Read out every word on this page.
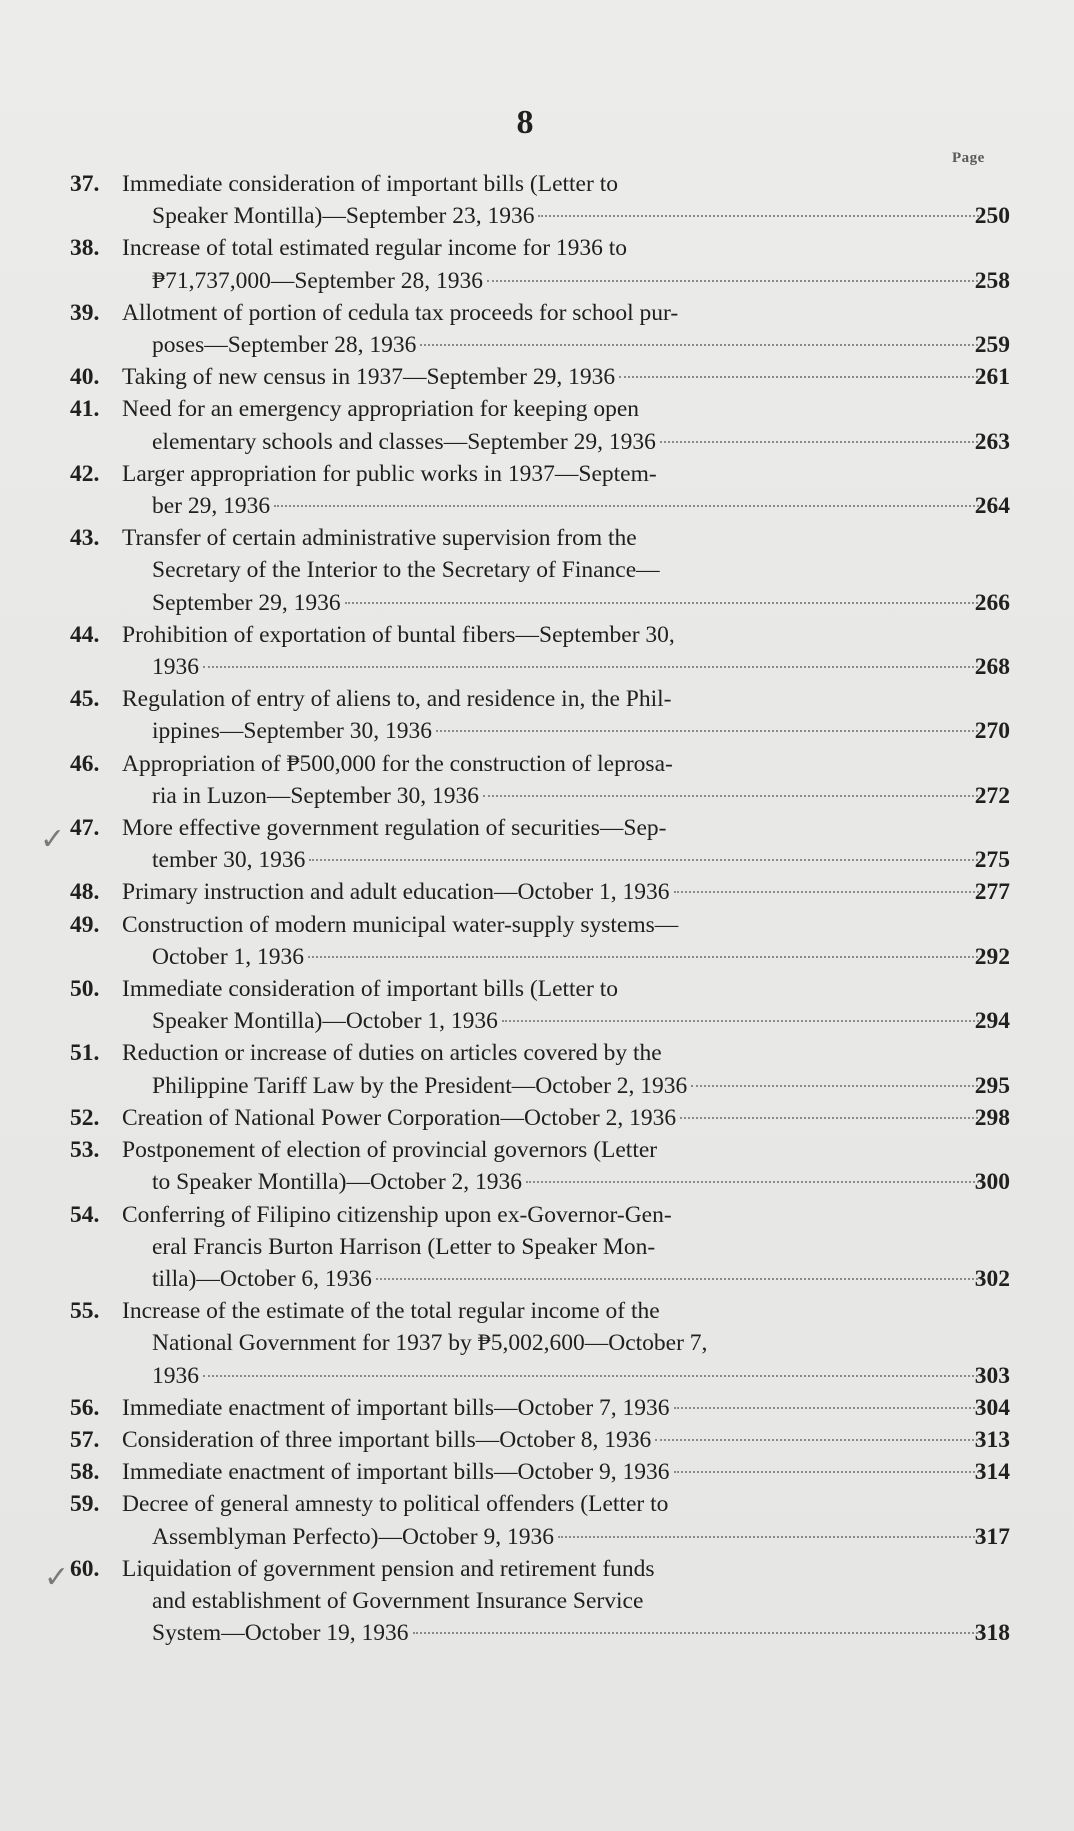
8
Page
37. Immediate consideration of important bills (Letter to
Speaker Montilla)—September 23, 1936	250
38. Increase of total estimated regular income for 1936 to
₱71,737,000—September 28, 1936	258
39. Allotment of portion of cedula tax proceeds for school pur-
poses—September 28, 1936	259
40. Taking of new census in 1937—September 29, 1936	261
41. Need for an emergency appropriation for keeping open
elementary schools and classes—September 29, 1936	263
42. Larger appropriation for public works in 1937—Septem-
ber 29, 1936	264
43. Transfer of certain administrative supervision from the
Secretary of the Interior to the Secretary of Finance—
September 29, 1936	266
44. Prohibition of exportation of buntal fibers—September 30,
1936	268
45. Regulation of entry of aliens to, and residence in, the Phil-
ippines—September 30, 1936	270
46. Appropriation of ₱500,000 for the construction of leprosa-
ria in Luzon—September 30, 1936	272
47. More effective government regulation of securities—Sep-
tember 30, 1936	275
48. Primary instruction and adult education—October 1, 1936	277
49. Construction of modern municipal water-supply systems—
October 1, 1936	292
50. Immediate consideration of important bills (Letter to
Speaker Montilla)—October 1, 1936	294
51. Reduction or increase of duties on articles covered by the
Philippine Tariff Law by the President—October 2, 1936	295
52. Creation of National Power Corporation—October 2, 1936	298
53. Postponement of election of provincial governors (Letter
to Speaker Montilla)—October 2, 1936	300
54. Conferring of Filipino citizenship upon ex-Governor-Gen-
eral Francis Burton Harrison (Letter to Speaker Mon-
tilla)—October 6, 1936	302
55. Increase of the estimate of the total regular income of the
National Government for 1937 by ₱5,002,600—October 7,
1936	303
56. Immediate enactment of important bills—October 7, 1936	304
57. Consideration of three important bills—October 8, 1936	313
58. Immediate enactment of important bills—October 9, 1936	314
59. Decree of general amnesty to political offenders (Letter to
Assemblyman Perfecto)—October 9, 1936	317
60. Liquidation of government pension and retirement funds
and establishment of Government Insurance Service
System—October 19, 1936	318
✓
✓
